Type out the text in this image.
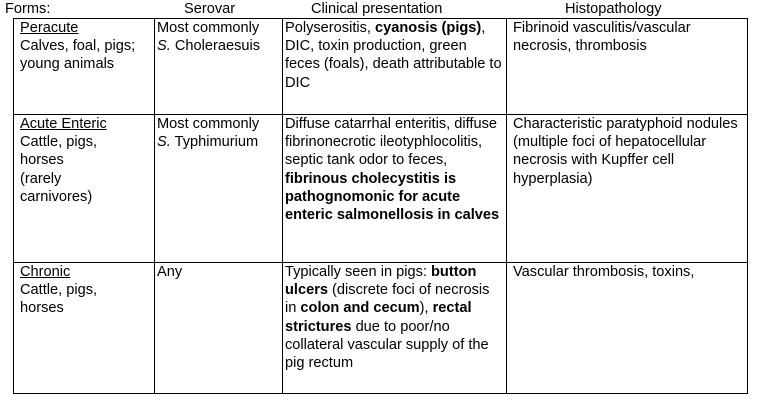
Forms:	Serovar	Clinical presentation	Histopathology
Peracute
Calves, foal, pigs;
young animals	Most commonly
S. Choleraesuis	Polyserositis, cyanosis (pigs), DIC, toxin production, green feces (foals), death attributable to DIC	Fibrinoid vasculitis/vascular necrosis, thrombosis

Acute Enteric
Cattle, pigs,
horses
(rarely
carnivores)	Most commonly
S. Typhimurium	Diffuse catarrhal enteritis, diffuse fibrinonecrotic ileotyphlocolitis, septic tank odor to feces, fibrinous cholecystitis is pathognomonic for acute enteric salmonellosis in calves	Characteristic paratyphoid nodules (multiple foci of hepatocellular necrosis with Kupffer cell hyperplasia)

Chronic
Cattle, pigs,
horses	Any	Typically seen in pigs: button ulcers (discrete foci of necrosis in colon and cecum), rectal strictures due to poor/no collateral vascular supply of the pig rectum	Vascular thrombosis, toxins,
